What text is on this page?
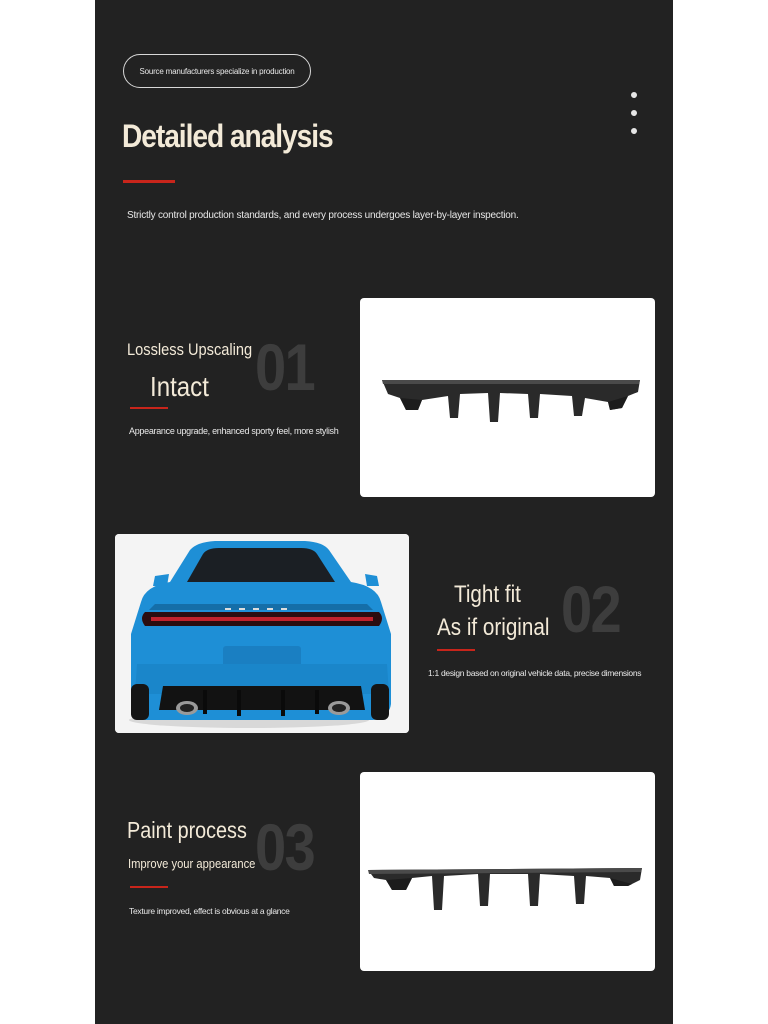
Source manufacturers specialize in production
Detailed analysis
Strictly control production standards, and every process undergoes layer-by-layer inspection.
01
Lossless Upscaling
Intact
Appearance upgrade, enhanced sporty feel, more stylish
02
Tight fit
As if original
1:1 design based on original vehicle data, precise dimensions
03
Paint process
Improve your appearance
Texture improved, effect is obvious at a glance
